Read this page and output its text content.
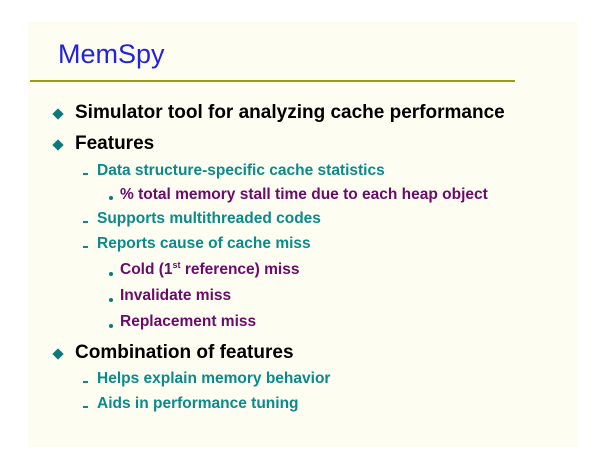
MemSpy
Simulator tool for analyzing cache performance
Features
Data structure-specific cache statistics
% total memory stall time due to each heap object
Supports multithreaded codes
Reports cause of cache miss
Cold (1st reference) miss
Invalidate miss
Replacement miss
Combination of features
Helps explain memory behavior
Aids in performance tuning
